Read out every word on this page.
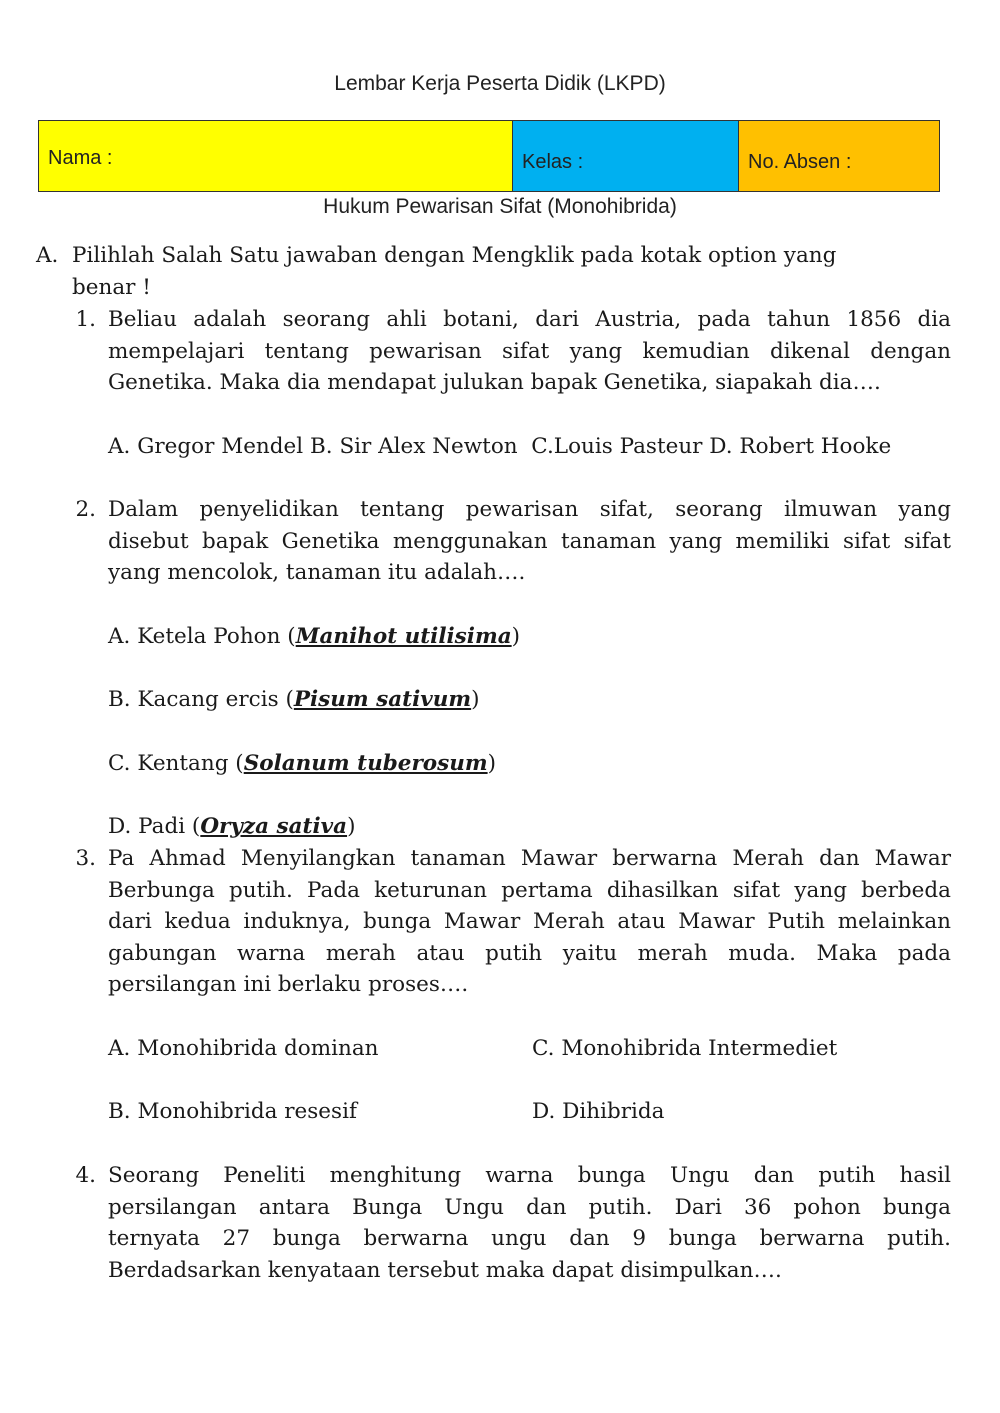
Lembar Kerja Peserta Didik (LKPD)
Nama :	Kelas :	No. Absen :
Hukum Pewarisan Sifat (Monohibrida)
A. Pilihlah Salah Satu jawaban dengan Mengklik pada kotak option yang
benar !
1. Beliau adalah seorang ahli botani, dari Austria, pada tahun 1856 dia
mempelajari tentang pewarisan sifat yang kemudian dikenal dengan
Genetika. Maka dia mendapat julukan bapak Genetika, siapakah dia….
A. Gregor Mendel B. Sir Alex Newton  C.Louis Pasteur D. Robert Hooke
2. Dalam penyelidikan tentang pewarisan sifat, seorang ilmuwan yang
disebut bapak Genetika menggunakan tanaman yang memiliki sifat sifat
yang mencolok, tanaman itu adalah….
A. Ketela Pohon (Manihot utilisima)
B. Kacang ercis (Pisum sativum)
C. Kentang (Solanum tuberosum)
D. Padi (Oryza sativa)
3. Pa Ahmad Menyilangkan tanaman Mawar berwarna Merah dan Mawar
Berbunga putih. Pada keturunan pertama dihasilkan sifat yang berbeda
dari kedua induknya, bunga Mawar Merah atau Mawar Putih melainkan
gabungan warna merah atau putih yaitu merah muda. Maka pada
persilangan ini berlaku proses….
A. Monohibrida dominan	C. Monohibrida Intermediet
B. Monohibrida resesif	D. Dihibrida
4. Seorang Peneliti menghitung warna bunga Ungu dan putih hasil
persilangan antara Bunga Ungu dan putih. Dari 36 pohon bunga
ternyata 27 bunga berwarna ungu dan 9 bunga berwarna putih.
Berdadsarkan kenyataan tersebut maka dapat disimpulkan….
